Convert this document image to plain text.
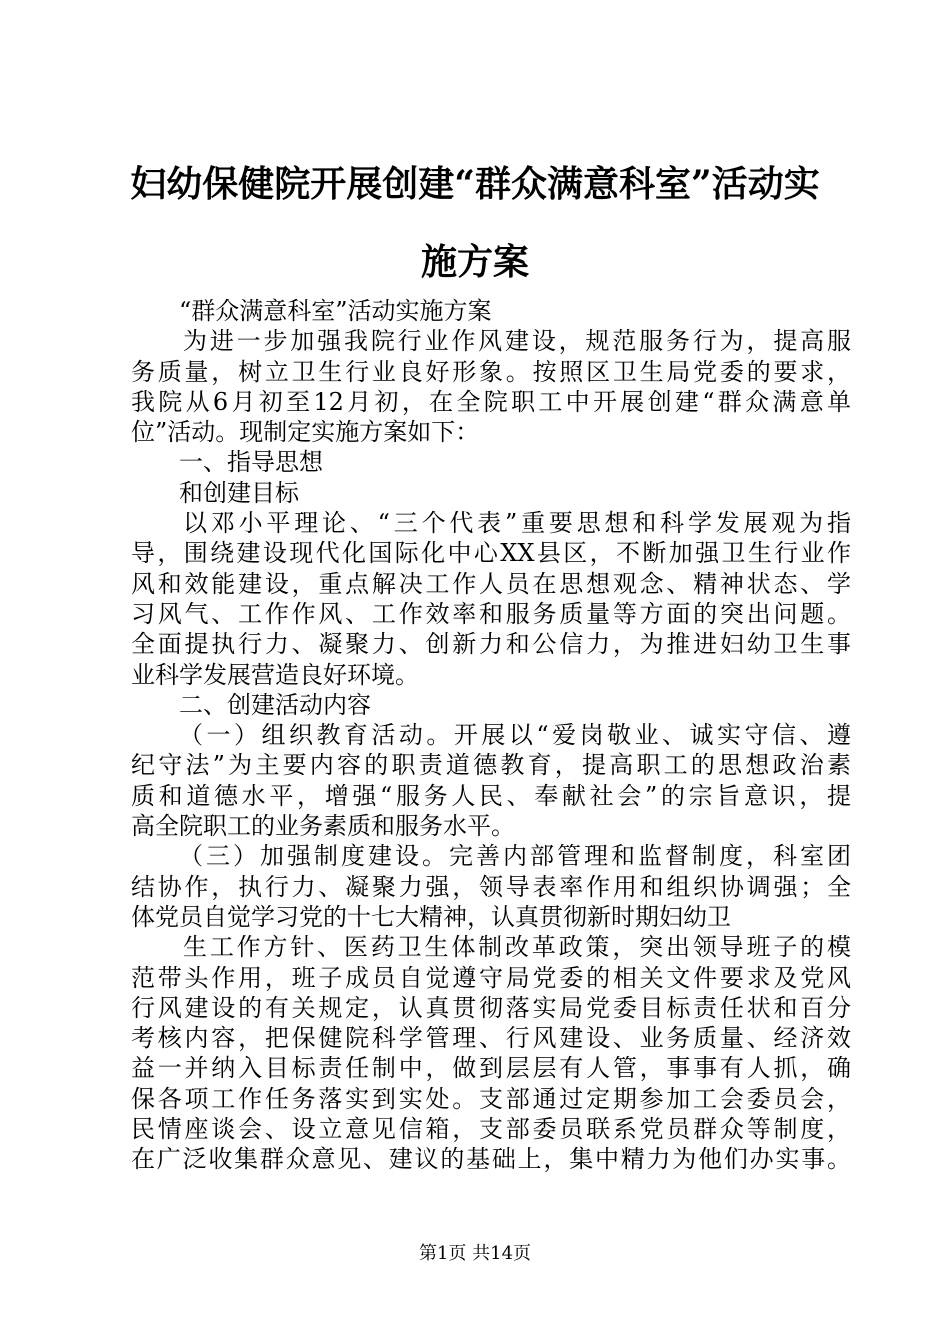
妇幼保健院开展创建“群众满意科室”活动实
施方案
“群众满意科室”活动实施方案
为进一步加强我院行业作风建设，规范服务行为，提高服
务质量，树立卫生行业良好形象。按照区卫生局党委的要求，
我院从6月初至12月初，在全院职工中开展创建“群众满意单
位”活动。现制定实施方案如下：
一、指导思想
和创建目标
以邓小平理论、“三个代表”重要思想和科学发展观为指
导，围绕建设现代化国际化中心XX县区，不断加强卫生行业作
风和效能建设，重点解决工作人员在思想观念、精神状态、学
习风气、工作作风、工作效率和服务质量等方面的突出问题。
全面提执行力、凝聚力、创新力和公信力，为推进妇幼卫生事
业科学发展营造良好环境。
二、创建活动内容
（一）组织教育活动。开展以“爱岗敬业、诚实守信、遵
纪守法”为主要内容的职责道德教育，提高职工的思想政治素
质和道德水平，增强“服务人民、奉献社会”的宗旨意识，提
高全院职工的业务素质和服务水平。
（三）加强制度建设。完善内部管理和监督制度，科室团
结协作，执行力、凝聚力强，领导表率作用和组织协调强；全
体党员自觉学习党的十七大精神，认真贯彻新时期妇幼卫
生工作方针、医药卫生体制改革政策，突出领导班子的模
范带头作用，班子成员自觉遵守局党委的相关文件要求及党风
行风建设的有关规定，认真贯彻落实局党委目标责任状和百分
考核内容，把保健院科学管理、行风建设、业务质量、经济效
益一并纳入目标责任制中，做到层层有人管，事事有人抓，确
保各项工作任务落实到实处。支部通过定期参加工会委员会，
民情座谈会、设立意见信箱，支部委员联系党员群众等制度，
在广泛收集群众意见、建议的基础上，集中精力为他们办实事。
第1页 共14页
